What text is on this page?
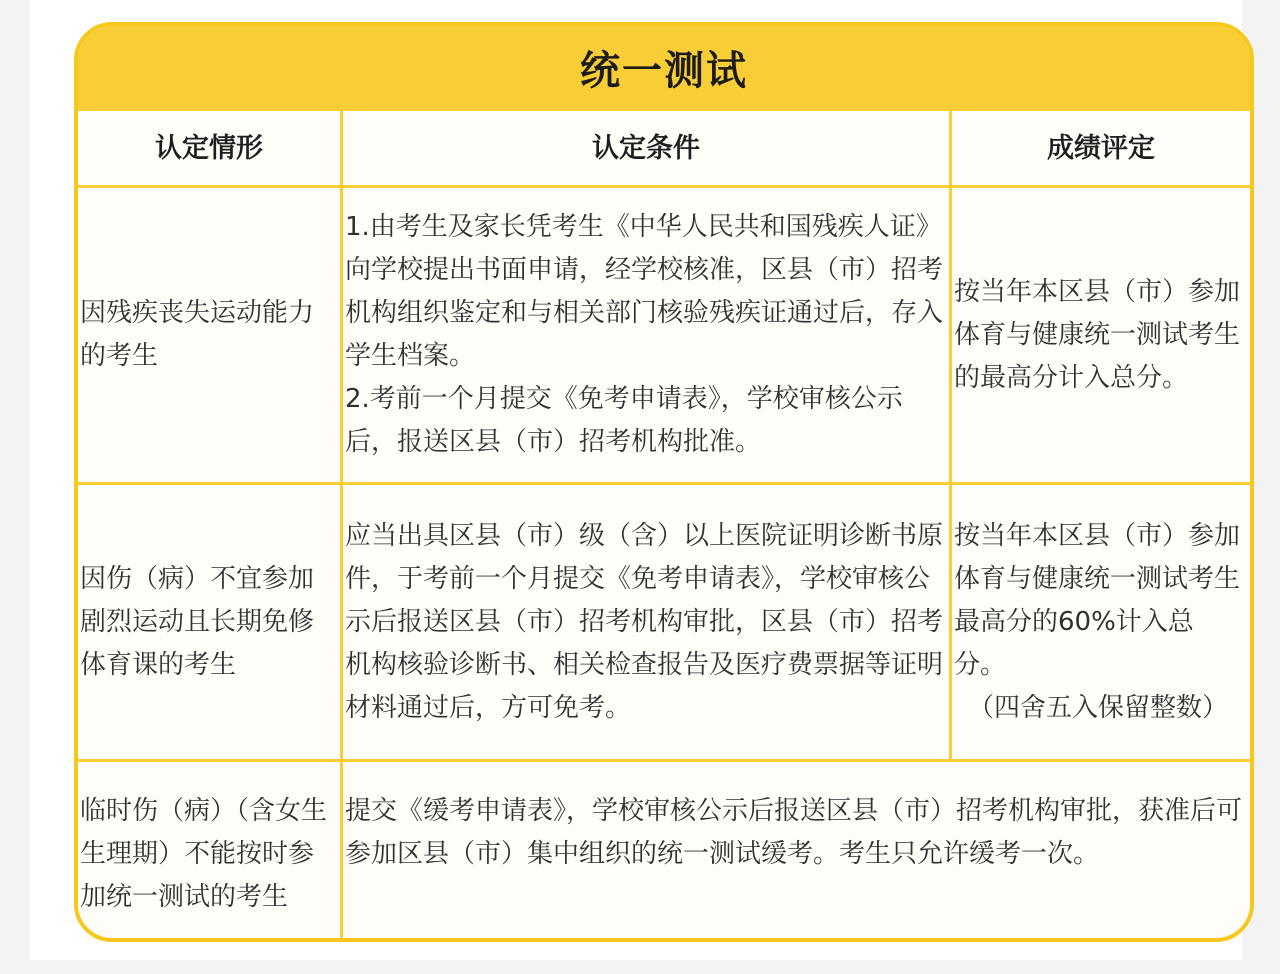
统一测试
认定情形	认定条件	成绩评定
因残疾丧失运动能力的考生
1.由考生及家长凭考生《中华人民共和国残疾人证》向学校提出书面申请，经学校核准，区县（市）招考机构组织鉴定和与相关部门核验残疾证通过后，存入学生档案。
2.考前一个月提交《免考申请表》，学校审核公示后，报送区县（市）招考机构批准。
按当年本区县（市）参加体育与健康统一测试考生的最高分计入总分。
因伤（病）不宜参加剧烈运动且长期免修体育课的考生
应当出具区县（市）级（含）以上医院证明诊断书原件，于考前一个月提交《免考申请表》，学校审核公示后报送区县（市）招考机构审批，区县（市）招考机构核验诊断书、相关检查报告及医疗费票据等证明材料通过后，方可免考。
按当年本区县（市）参加体育与健康统一测试考生最高分的60%计入总分。
（四舍五入保留整数）
临时伤（病）（含女生生理期）不能按时参加统一测试的考生
提交《缓考申请表》，学校审核公示后报送区县（市）招考机构审批，获准后可参加区县（市）集中组织的统一测试缓考。考生只允许缓考一次。
